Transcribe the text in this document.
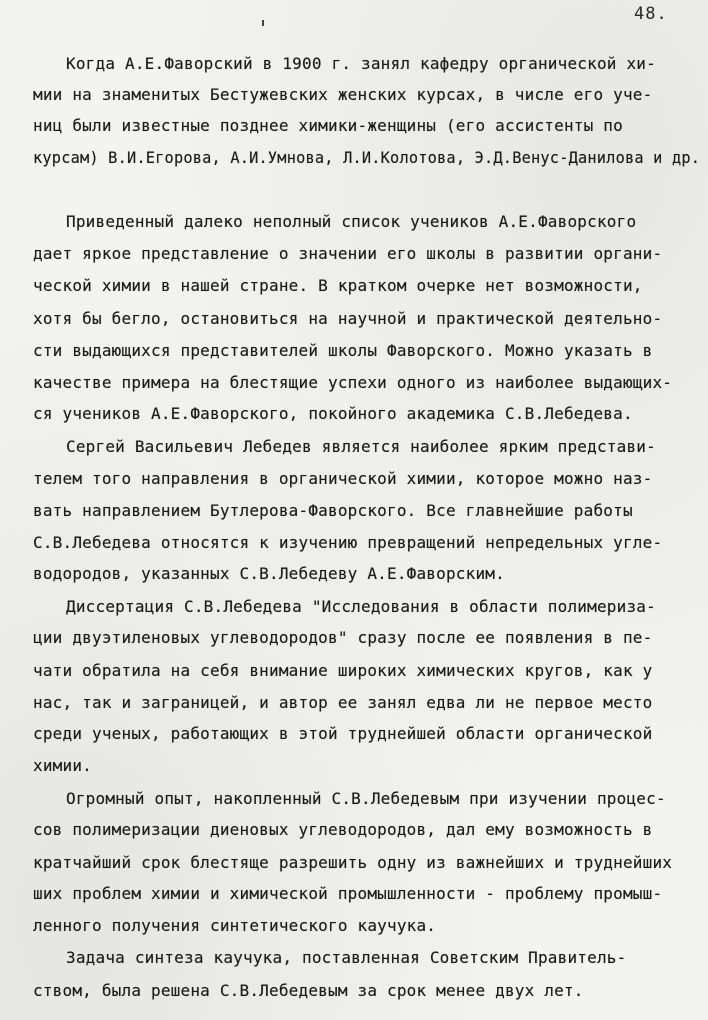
48.
Когда А.Е.Фаворский в 1900 г. занял кафедру органической хи-
мии на знаменитых Бестужевских женских курсах, в числе его уче-
ниц были известные позднее химики-женщины (его ассистенты по
курсам) В.И.Егорова, А.И.Умнова, Л.И.Колотова, Э.Д.Венус-Данилова и др.
Приведенный далеко неполный список учеников А.Е.Фаворского
дает яркое представление о значении его школы в развитии органи-
ческой химии в нашей стране. В кратком очерке нет возможности,
хотя бы бегло, остановиться на научной и практической деятельно-
сти выдающихся представителей школы Фаворского. Можно указать в
качестве примера на блестящие успехи одного из наиболее выдающих-
ся учеников А.Е.Фаворского, покойного академика С.В.Лебедева.
Сергей Васильевич Лебедев является наиболее ярким представи-
телем того направления в органической химии, которое можно наз-
вать направлением Бутлерова-Фаворского. Все главнейшие работы
С.В.Лебедева относятся к изучению превращений непредельных угле-
водородов, указанных С.В.Лебедеву А.Е.Фаворским.
Диссертация С.В.Лебедева "Исследования в области полимериза-
ции двуэтиленовых углеводородов" сразу после ее появления в пе-
чати обратила на себя внимание широких химических кругов, как у
нас, так и заграницей, и автор ее занял едва ли не первое место
среди ученых, работающих в этой труднейшей области органической
химии.
Огромный опыт, накопленный С.В.Лебедевым при изучении процес-
сов полимеризации диеновых углеводородов, дал ему возможность в
кратчайший срок блестяще разрешить одну из важнейших и труднейших
ших проблем химии и химической промышленности - проблему промыш-
ленного получения синтетического каучука.
Задача синтеза каучука, поставленная Советским Правитель-
ством, была решена С.В.Лебедевым за срок менее двух лет.
